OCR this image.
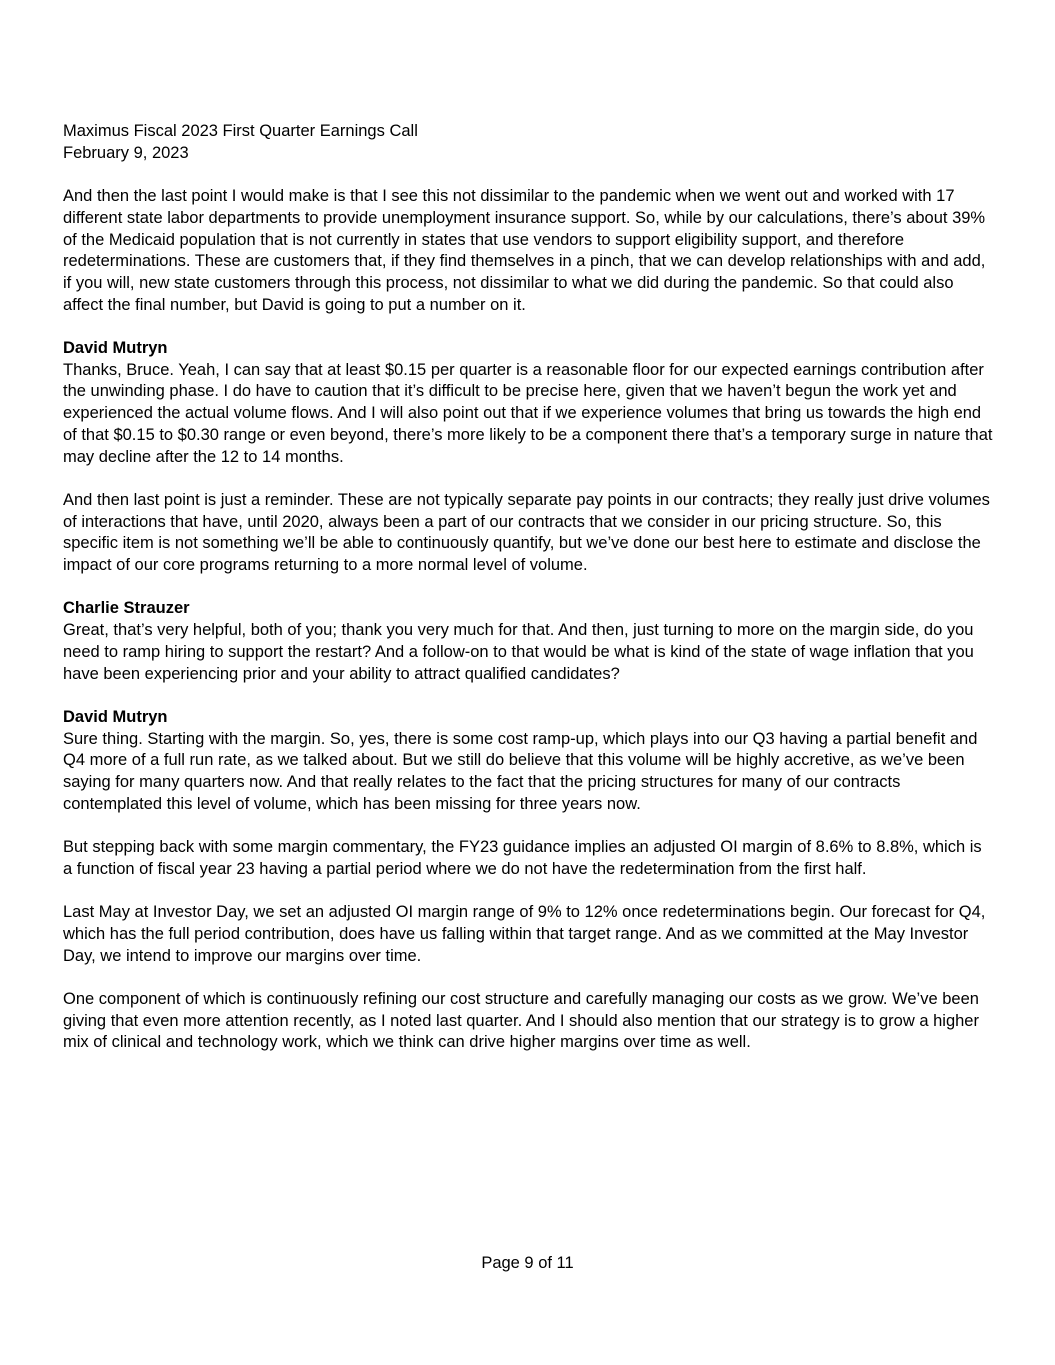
Maximus Fiscal 2023 First Quarter Earnings Call
February 9, 2023
And then the last point I would make is that I see this not dissimilar to the pandemic when we went out and worked with 17 different state labor departments to provide unemployment insurance support. So, while by our calculations, there’s about 39% of the Medicaid population that is not currently in states that use vendors to support eligibility support, and therefore redeterminations. These are customers that, if they find themselves in a pinch, that we can develop relationships with and add, if you will, new state customers through this process, not dissimilar to what we did during the pandemic. So that could also affect the final number, but David is going to put a number on it.
David Mutryn
Thanks, Bruce. Yeah, I can say that at least $0.15 per quarter is a reasonable floor for our expected earnings contribution after the unwinding phase. I do have to caution that it’s difficult to be precise here, given that we haven’t begun the work yet and experienced the actual volume flows. And I will also point out that if we experience volumes that bring us towards the high end of that $0.15 to $0.30 range or even beyond, there’s more likely to be a component there that’s a temporary surge in nature that may decline after the 12 to 14 months.
And then last point is just a reminder. These are not typically separate pay points in our contracts; they really just drive volumes of interactions that have, until 2020, always been a part of our contracts that we consider in our pricing structure. So, this specific item is not something we’ll be able to continuously quantify, but we’ve done our best here to estimate and disclose the impact of our core programs returning to a more normal level of volume.
Charlie Strauzer
Great, that’s very helpful, both of you; thank you very much for that. And then, just turning to more on the margin side, do you need to ramp hiring to support the restart? And a follow-on to that would be what is kind of the state of wage inflation that you have been experiencing prior and your ability to attract qualified candidates?
David Mutryn
Sure thing. Starting with the margin. So, yes, there is some cost ramp-up, which plays into our Q3 having a partial benefit and Q4 more of a full run rate, as we talked about. But we still do believe that this volume will be highly accretive, as we’ve been saying for many quarters now. And that really relates to the fact that the pricing structures for many of our contracts contemplated this level of volume, which has been missing for three years now.
But stepping back with some margin commentary, the FY23 guidance implies an adjusted OI margin of 8.6% to 8.8%, which is a function of fiscal year 23 having a partial period where we do not have the redetermination from the first half.
Last May at Investor Day, we set an adjusted OI margin range of 9% to 12% once redeterminations begin. Our forecast for Q4, which has the full period contribution, does have us falling within that target range. And as we committed at the May Investor Day, we intend to improve our margins over time.
One component of which is continuously refining our cost structure and carefully managing our costs as we grow. We’ve been giving that even more attention recently, as I noted last quarter. And I should also mention that our strategy is to grow a higher mix of clinical and technology work, which we think can drive higher margins over time as well.
Page 9 of 11
